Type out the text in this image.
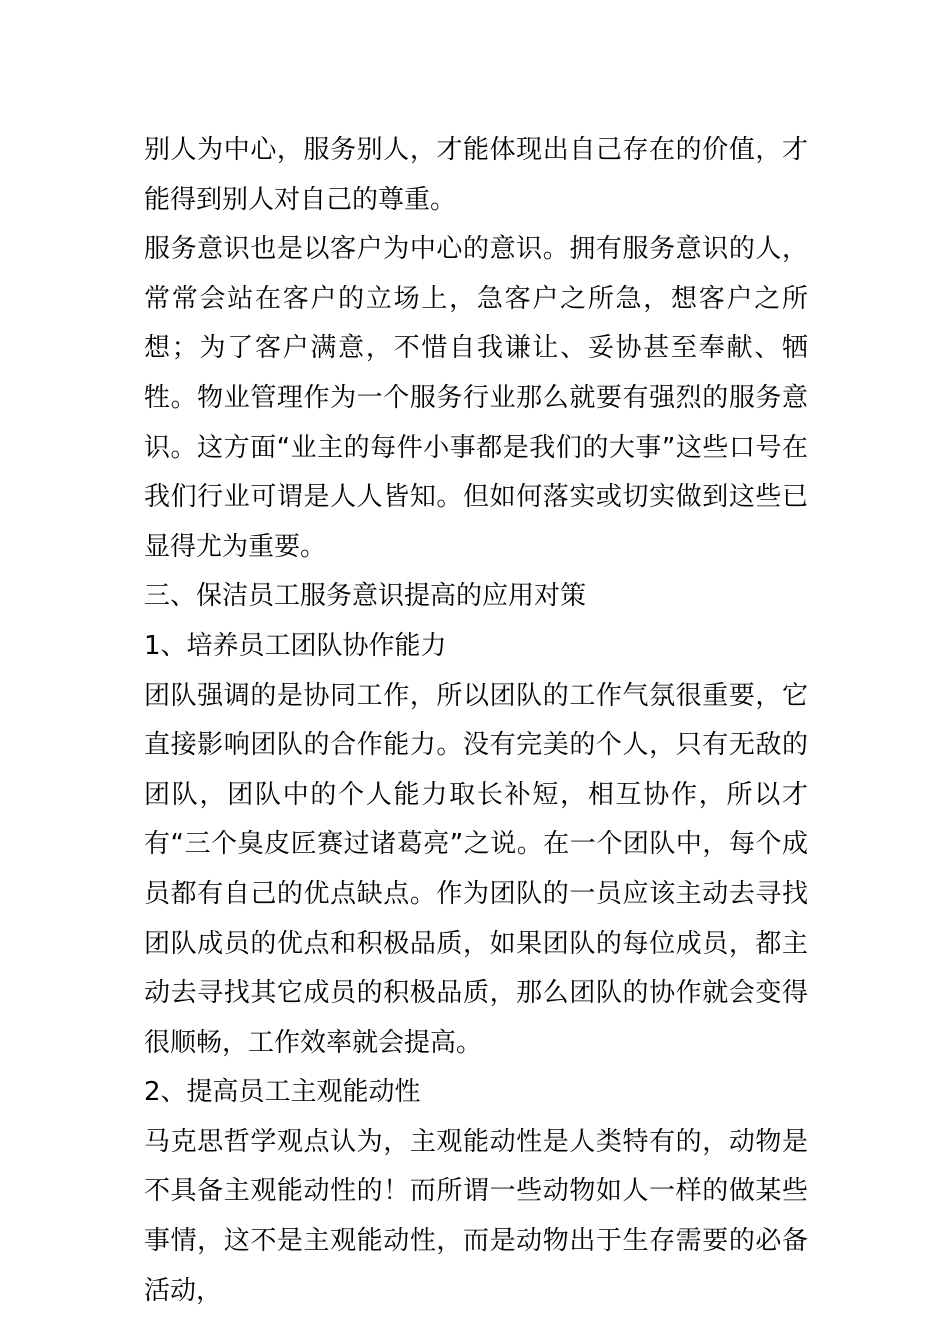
别人为中心，服务别人，才能体现出自己存在的价值，才能得到别人对自己的尊重。

服务意识也是以客户为中心的意识。拥有服务意识的人，常常会站在客户的立场上，急客户之所急，想客户之所想；为了客户满意，不惜自我谦让、妥协甚至奉献、牺牲。物业管理作为一个服务行业那么就要有强烈的服务意识。这方面“业主的每件小事都是我们的大事”这些口号在我们行业可谓是人人皆知。但如何落实或切实做到这些已显得尤为重要。

三、保洁员工服务意识提高的应用对策

1、培养员工团队协作能力

团队强调的是协同工作，所以团队的工作气氛很重要，它直接影响团队的合作能力。没有完美的个人，只有无敌的团队，团队中的个人能力取长补短，相互协作，所以才有“三个臭皮匠赛过诸葛亮”之说。在一个团队中，每个成员都有自己的优点缺点。作为团队的一员应该主动去寻找团队成员的优点和积极品质，如果团队的每位成员，都主动去寻找其它成员的积极品质，那么团队的协作就会变得很顺畅，工作效率就会提高。

2、提高员工主观能动性

马克思哲学观点认为，主观能动性是人类特有的，动物是不具备主观能动性的！而所谓一些动物如人一样的做某些事情，这不是主观能动性，而是动物出于生存需要的必备活动，
